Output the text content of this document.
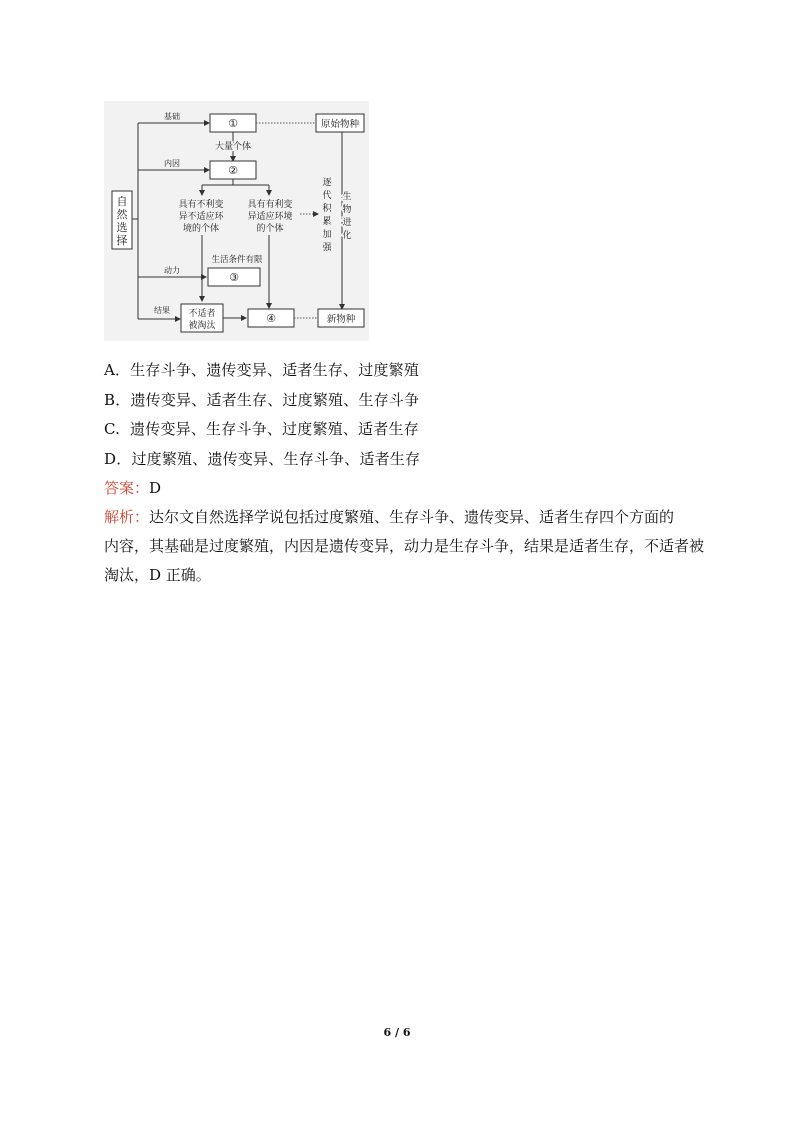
自
然
选
择
基础
内因
动力
结果
①	原始物种
大量个体
②
具有不利变
异不适应环
境的个体
具有有利变
异适应环境
的个体
逐
代
积
累
加
强
生
物
进
化
生活条件有限
③
不适者
被淘汰
④	新物种
A．生存斗争、遗传变异、适者生存、过度繁殖
B．遗传变异、适者生存、过度繁殖、生存斗争
C.  遗传变异、生存斗争、过度繁殖、适者生存
D．过度繁殖、遗传变异、生存斗争、适者生存
答案：D
解析：达尔文自然选择学说包括过度繁殖、生存斗争、遗传变异、适者生存四个方面的
内容，其基础是过度繁殖，内因是遗传变异，动力是生存斗争，结果是适者生存，不适者被
淘汰，D 正确。
6 / 6
